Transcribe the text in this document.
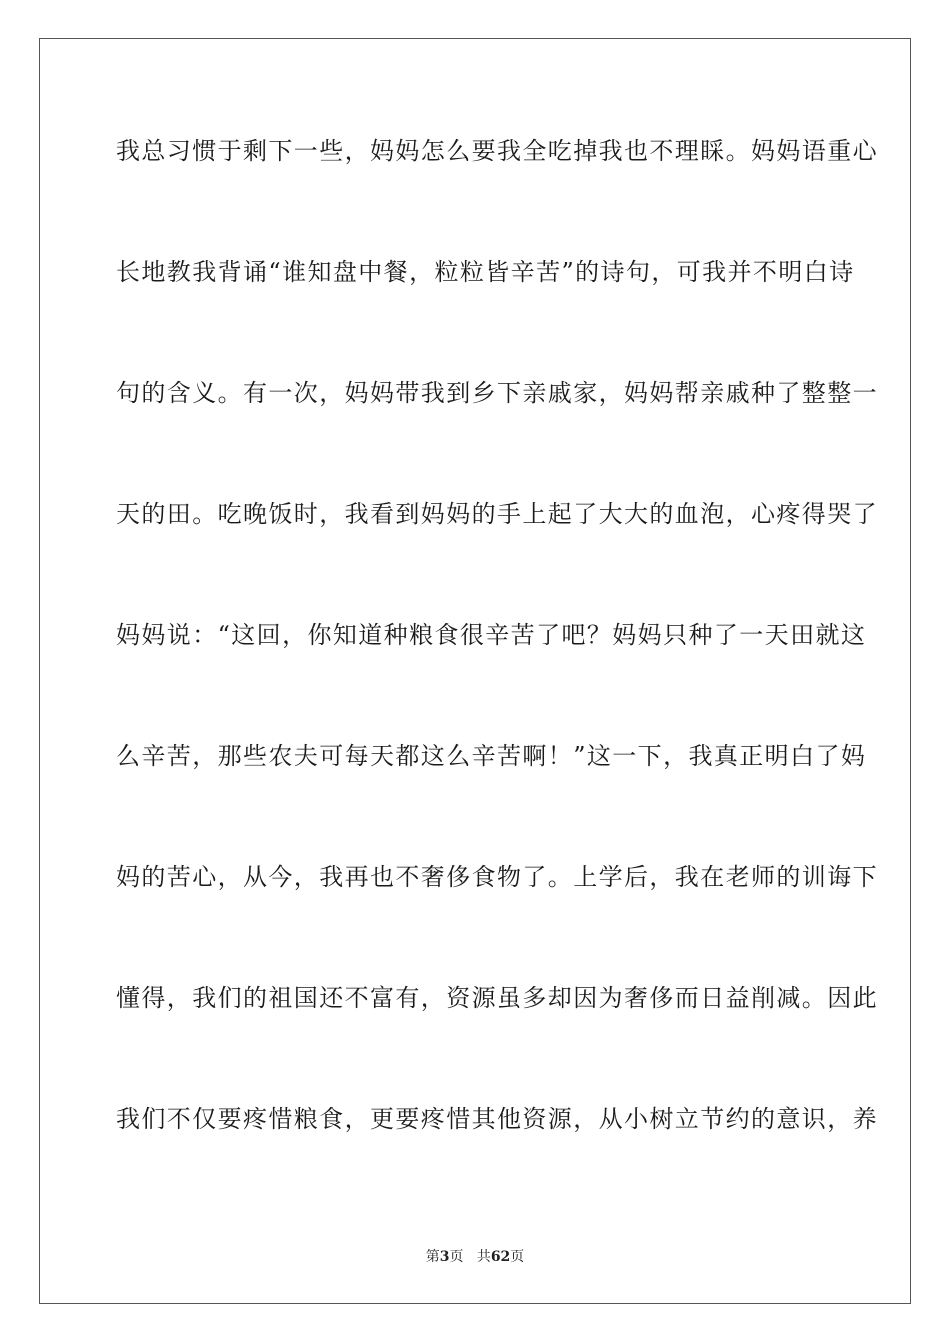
我总习惯于剩下一些，妈妈怎么要我全吃掉我也不理睬。妈妈语重心
长地教我背诵“谁知盘中餐，粒粒皆辛苦”的诗句，可我并不明白诗
句的含义。有一次，妈妈带我到乡下亲戚家，妈妈帮亲戚种了整整一
天的田。吃晚饭时，我看到妈妈的手上起了大大的血泡，心疼得哭了
妈妈说：“这回，你知道种粮食很辛苦了吧？妈妈只种了一天田就这
么辛苦，那些农夫可每天都这么辛苦啊！”这一下，我真正明白了妈
妈的苦心，从今，我再也不奢侈食物了。上学后，我在老师的训诲下
懂得，我们的祖国还不富有，资源虽多却因为奢侈而日益削减。因此
我们不仅要疼惜粮食，更要疼惜其他资源，从小树立节约的意识，养
第3页 共62页
